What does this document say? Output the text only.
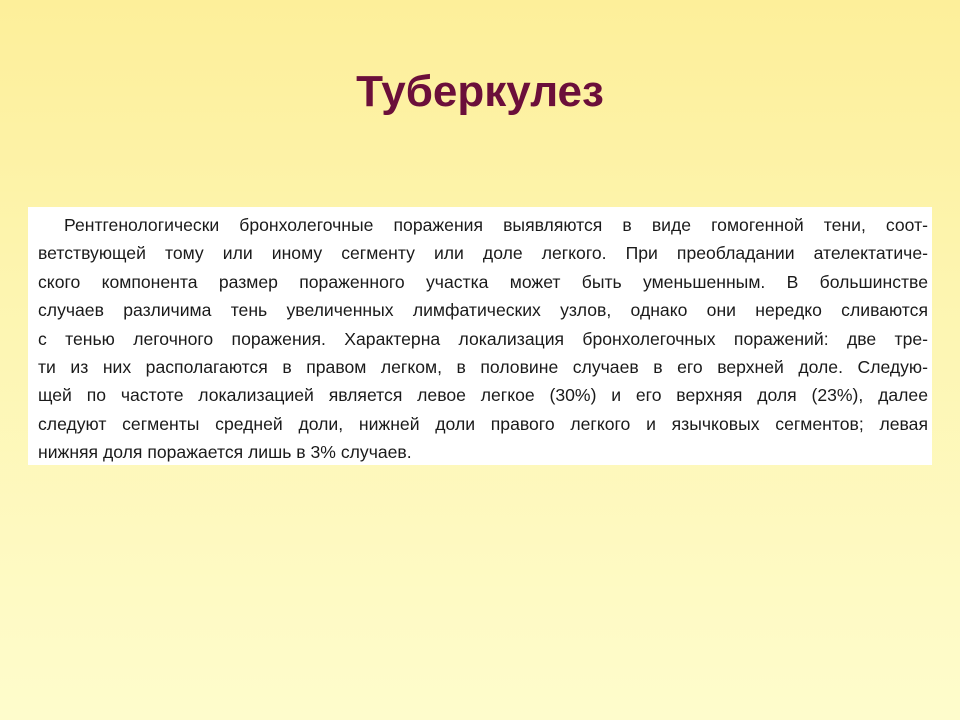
Туберкулез
Рентгенологически бронхолегочные поражения выявляются в виде гомогенной тени, соот-
ветствующей тому или иному сегменту или доле легкого. При преобладании ателектатиче-
ского компонента размер пораженного участка может быть уменьшенным. В большинстве
случаев различима тень увеличенных лимфатических узлов, однако они нередко сливаются
с тенью легочного поражения. Характерна локализация бронхолегочных поражений: две тре-
ти из них располагаются в правом легком, в половине случаев в его верхней доле. Следую-
щей по частоте локализацией является левое легкое (30%) и его верхняя доля (23%), далее
следуют сегменты средней доли, нижней доли правого легкого и язычковых сегментов; левая
нижняя доля поражается лишь в 3% случаев.
